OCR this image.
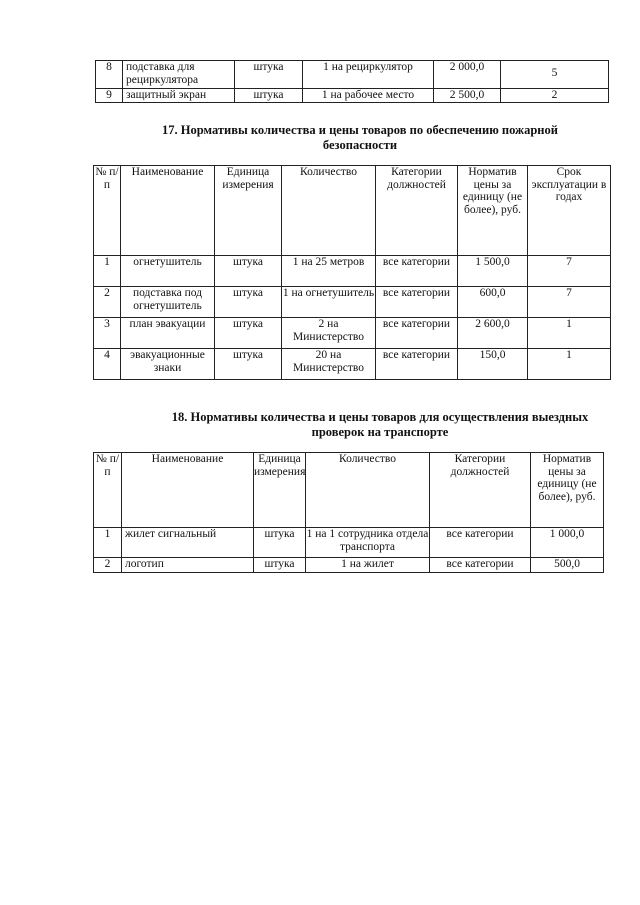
8	подставка для рециркулятора	штука	1 на рециркулятор	2 000,0	5
9	защитный экран	штука	1 на рабочее место	2 500,0	2
17. Нормативы количества и цены товаров по обеспечению пожарной
безопасности
№ п/п	Наименование	Единица измерения	Количество	Категории должностей	Норматив цены за единицу (не более), руб.	Срок эксплуатации в годах
1	огнетушитель	штука	1 на 25 метров	все категории	1 500,0	7
2	подставка под огнетушитель	штука	1 на огнетушитель	все категории	600,0	7
3	план эвакуации	штука	2 на Министерство	все категории	2 600,0	1
4	эвакуационные знаки	штука	20 на Министерство	все категории	150,0	1
18. Нормативы количества и цены товаров для осуществления выездных
проверок на транспорте
№ п/п	Наименование	Единица измерения	Количество	Категории должностей	Норматив цены за единицу (не более), руб.
1	жилет сигнальный	штука	1 на 1 сотрудника отдела транспорта	все категории	1 000,0
2	логотип	штука	1 на жилет	все категории	500,0
